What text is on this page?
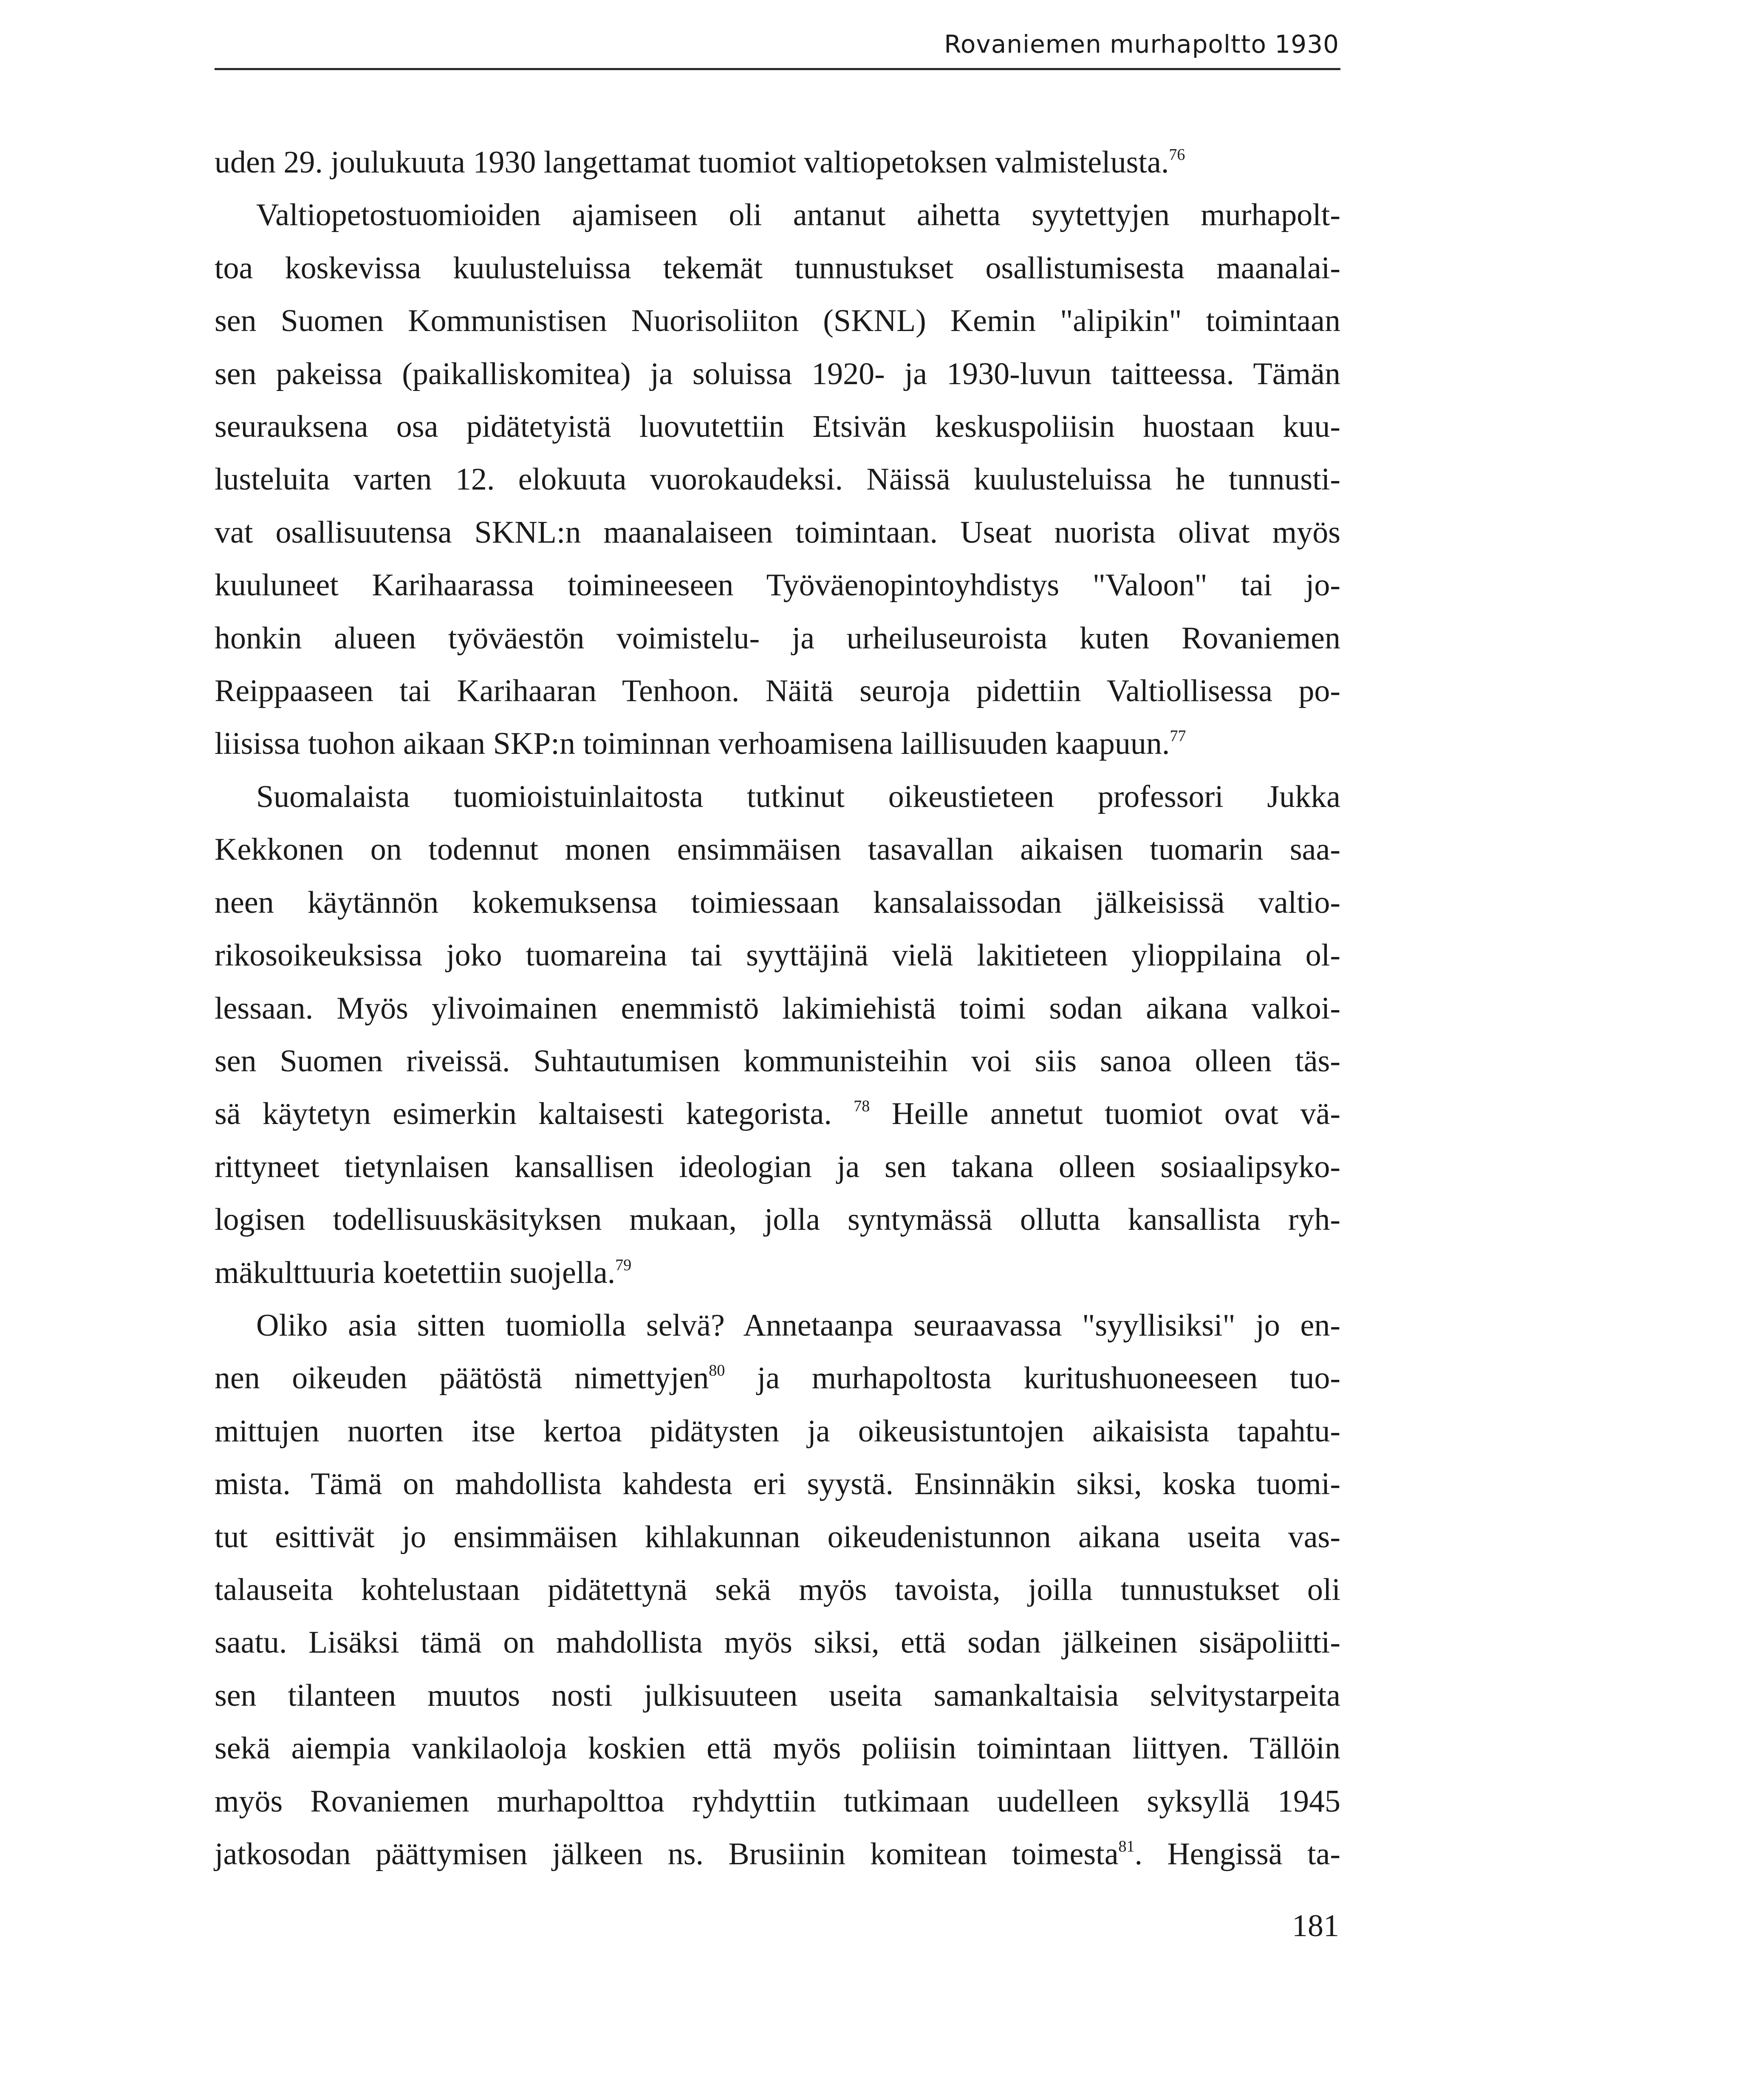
Rovaniemen murhapoltto 1930

uden 29. joulukuuta 1930 langettamat tuomiot valtiopetoksen valmistelusta.$^{76}$

Valtiopetostuomioiden ajamiseen oli antanut aihetta syytettyjen murhapolt-
toa koskevissa kuulusteluissa tekemät tunnustukset osallistumisesta maanalai-
sen Suomen Kommunistisen Nuorisoliiton (SKNL) Kemin "alipikin" toimintaan
sen pakeissa (paikalliskomitea) ja soluissa 1920- ja 1930-luvun taitteessa. Tämän
seurauksena osa pidätetyistä luovutettiin Etsivän keskuspoliisin huostaan kuu-
lusteluita varten 12. elokuuta vuorokaudeksi. Näissä kuulusteluissa he tunnusti-
vat osallisuutensa SKNL:n maanalaiseen toimintaan. Useat nuorista olivat myös
kuuluneet Karihaarassa toimineeseen Työväenopintoyhdistys "Valoon" tai jo-
honkin alueen työväestön voimistelu- ja urheiluseuroista kuten Rovaniemen
Reippaaseen tai Karihaaran Tenhoon. Näitä seuroja pidettiin Valtiollisessa po-
liisissa tuohon aikaan SKP:n toiminnan verhoamisena laillisuuden kaapuun.$^{77}$

Suomalaista tuomioistuinlaitosta tutkinut oikeustieteen professori Jukka
Kekkonen on todennut monen ensimmäisen tasavallan aikaisen tuomarin saa-
neen käytännön kokemuksensa toimiessaan kansalaissodan jälkeisissä valtio-
rikosoikeuksissa joko tuomareina tai syyttäjinä vielä lakitieteen ylioppilaina ol-
lessaan. Myös ylivoimainen enemmistö lakimiehistä toimi sodan aikana valkoi-
sen Suomen riveissä. Suhtautumisen kommunisteihin voi siis sanoa olleen täs-
sä käytetyn esimerkin kaltaisesti kategorista. $^{78}$ Heille annetut tuomiot ovat vä-
rittyneet tietynlaisen kansallisen ideologian ja sen takana olleen sosiaalipsyko-
logisen todellisuuskäsityksen mukaan, jolla syntymässä ollutta kansallista ryh-
mäkulttuuria koetettiin suojella.$^{79}$

Oliko asia sitten tuomiolla selvä? Annetaanpa seuraavassa "syyllisiksi" jo en-
nen oikeuden päätöstä nimettyjen$^{80}$ ja murhapoltosta kuritushuoneeseen tuo-
mittujen nuorten itse kertoa pidätysten ja oikeusistuntojen aikaisista tapahtu-
mista. Tämä on mahdollista kahdesta eri syystä. Ensinnäkin siksi, koska tuomi-
tut esittivät jo ensimmäisen kihlakunnan oikeudenistunnon aikana useita vas-
talauseita kohtelustaan pidätettynä sekä myös tavoista, joilla tunnustukset oli
saatu. Lisäksi tämä on mahdollista myös siksi, että sodan jälkeinen sisäpoliitti-
sen tilanteen muutos nosti julkisuuteen useita samankaltaisia selvitystarpeita
sekä aiempia vankilaoloja koskien että myös poliisin toimintaan liittyen. Tällöin
myös Rovaniemen murhapolttoa ryhdyttiin tutkimaan uudelleen syksyllä 1945
jatkosodan päättymisen jälkeen ns. Brusiinin komitean toimesta$^{81}$. Hengissä ta-

181
